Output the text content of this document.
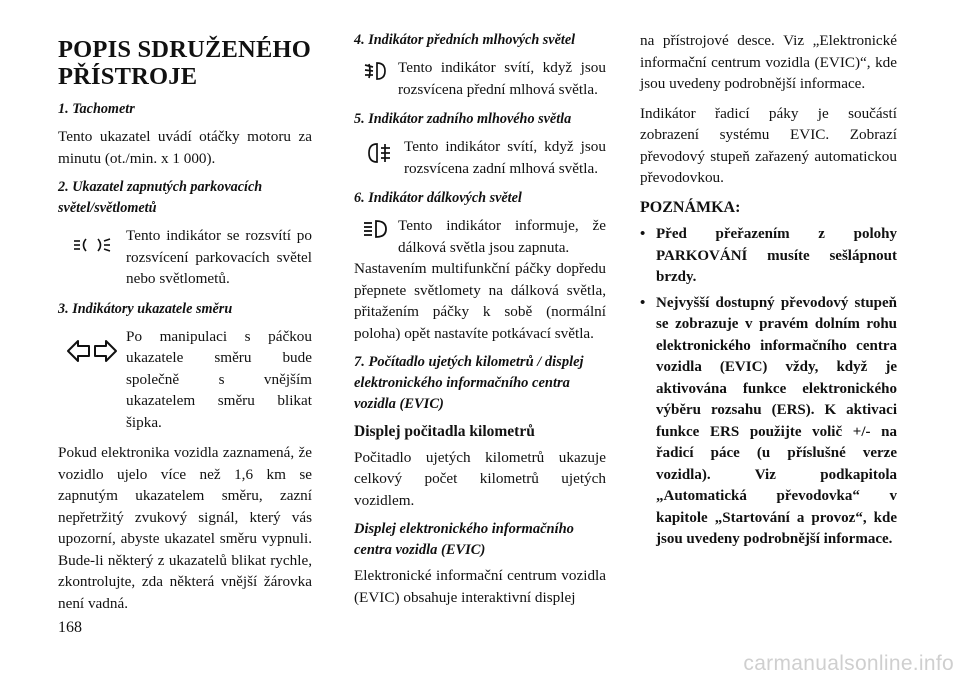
POPIS SDRUŽENÉHO PŘÍSTROJE
1. Tachometr

Tento ukazatel uvádí otáčky motoru za minutu (ot./min. x 1 000).

2. Ukazatel zapnutých parkovacích světel/světlometů

Tento indikátor se rozsvítí po rozsvícení parkovacích světel nebo světlometů.

3. Indikátory ukazatele směru

Po manipulaci s páčkou ukazatele směru bude společně s vnějším ukazatelem směru blikat šipka.

Pokud elektronika vozidla zaznamená, že vozidlo ujelo více než 1,6 km se zapnutým ukazatelem směru, zazní nepřetržitý zvukový signál, který vás upozorní, abyste ukazatel směru vypnuli. Bude-li některý z ukazatelů blikat rychle, zkontrolujte, zda některá vnější žárovka není vadná.

4. Indikátor předních mlhových světel

Tento indikátor svítí, když jsou rozsvícena přední mlhová světla.

5. Indikátor zadního mlhového světla

Tento indikátor svítí, když jsou rozsvícena zadní mlhová světla.

6. Indikátor dálkových světel

Tento indikátor informuje, že dálková světla jsou zapnuta.

Nastavením multifunkční páčky dopředu přepnete světlomety na dálková světla, přitažením páčky k sobě (normální poloha) opět nastavíte potkávací světla.

7. Počítadlo ujetých kilometrů / displej elektronického informačního centra vozidla (EVIC)
Displej počitadla kilometrů

Počitadlo ujetých kilometrů ukazuje celkový počet kilometrů ujetých vozidlem.

Displej elektronického informačního centra vozidla (EVIC)

Elektronické informační centrum vozidla (EVIC) obsahuje interaktivní displej

na přístrojové desce. Viz „Elektronické informační centrum vozidla (EVIC)“, kde jsou uvedeny podrobnější informace.

Indikátor řadicí páky je součástí zobrazení systému EVIC. Zobrazí převodový stupeň zařazený automatickou převodovkou.

POZNÁMKA:
• Před přeřazením z polohy PARKOVÁNÍ musíte sešlápnout brzdy.
• Nejvyšší dostupný převodový stupeň se zobrazuje v pravém dolním rohu elektronického informačního centra vozidla (EVIC) vždy, když je aktivována funkce elektronického výběru rozsahu (ERS). K aktivaci funkce ERS použijte volič +/- na řadicí páce (u příslušné verze vozidla). Viz podkapitola „Automatická převodovka“ v kapitole „Startování a provoz“, kde jsou uvedeny podrobnější informace.
168
carmanualsonline.info
